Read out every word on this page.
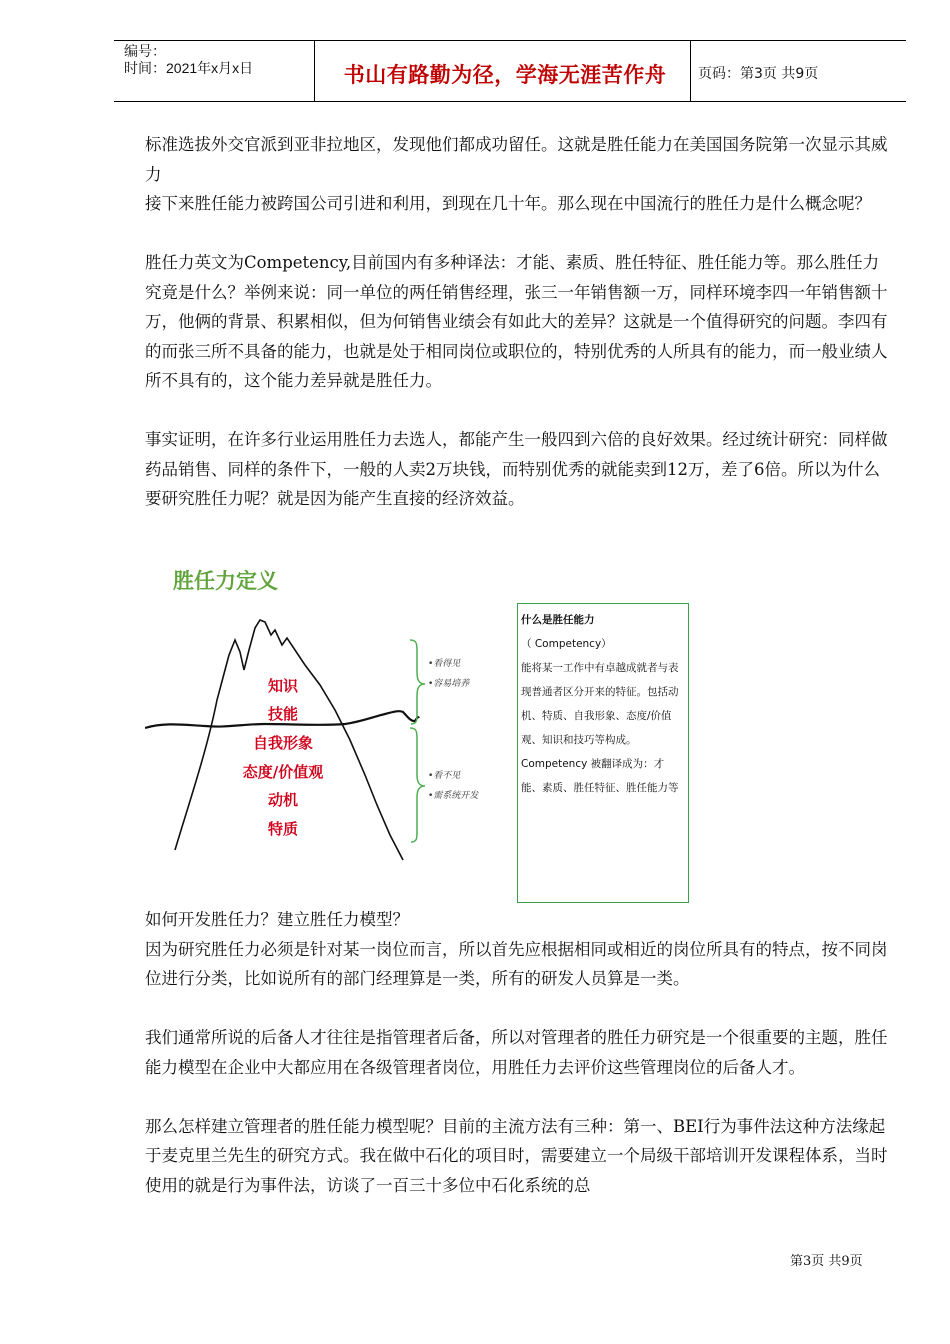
编号：
时间：2021年x月x日	书山有路勤为径，学海无涯苦作舟	页码：第3页 共9页

标准选拔外交官派到亚非拉地区，发现他们都成功留任。这就是胜任能力在美国国务院第一次显示其威力

接下来胜任能力被跨国公司引进和利用，到现在几十年。那么现在中国流行的胜任力是什么概念呢？

胜任力英文为Competency,目前国内有多种译法：才能、素质、胜任特征、胜任能力等。那么胜任力究竟是什么？举例来说：同一单位的两任销售经理，张三一年销售额一万，同样环境李四一年销售额十万，他俩的背景、积累相似，但为何销售业绩会有如此大的差异？这就是一个值得研究的问题。李四有的而张三所不具备的能力，也就是处于相同岗位或职位的，特别优秀的人所具有的能力，而一般业绩人所不具有的，这个能力差异就是胜任力。

事实证明，在许多行业运用胜任力去选人，都能产生一般四到六倍的良好效果。经过统计研究：同样做药品销售、同样的条件下，一般的人卖2万块钱，而特别优秀的就能卖到12万，差了6倍。所以为什么要研究胜任力呢？就是因为能产生直接的经济效益。

胜任力定义
知识
技能
自我形象
态度/价值观
动机
特质
•看得见
•容易培养
•看不见
•需系统开发
什么是胜任能力
（ Competency）
能将某一工作中有卓越成就者与表现普通者区分开来的特征。包括动机、特质、自我形象、态度/价值观、知识和技巧等构成。
Competency 被翻译成为：才能、素质、胜任特征、胜任能力等

如何开发胜任力？建立胜任力模型？

因为研究胜任力必须是针对某一岗位而言，所以首先应根据相同或相近的岗位所具有的特点，按不同岗位进行分类，比如说所有的部门经理算是一类，所有的研发人员算是一类。

我们通常所说的后备人才往往是指管理者后备，所以对管理者的胜任力研究是一个很重要的主题，胜任能力模型在企业中大都应用在各级管理者岗位，用胜任力去评价这些管理岗位的后备人才。

那么怎样建立管理者的胜任能力模型呢？目前的主流方法有三种：第一、BEI行为事件法这种方法缘起于麦克里兰先生的研究方式。我在做中石化的项目时，需要建立一个局级干部培训开发课程体系，当时使用的就是行为事件法，访谈了一百三十多位中石化系统的总

第3页 共9页
